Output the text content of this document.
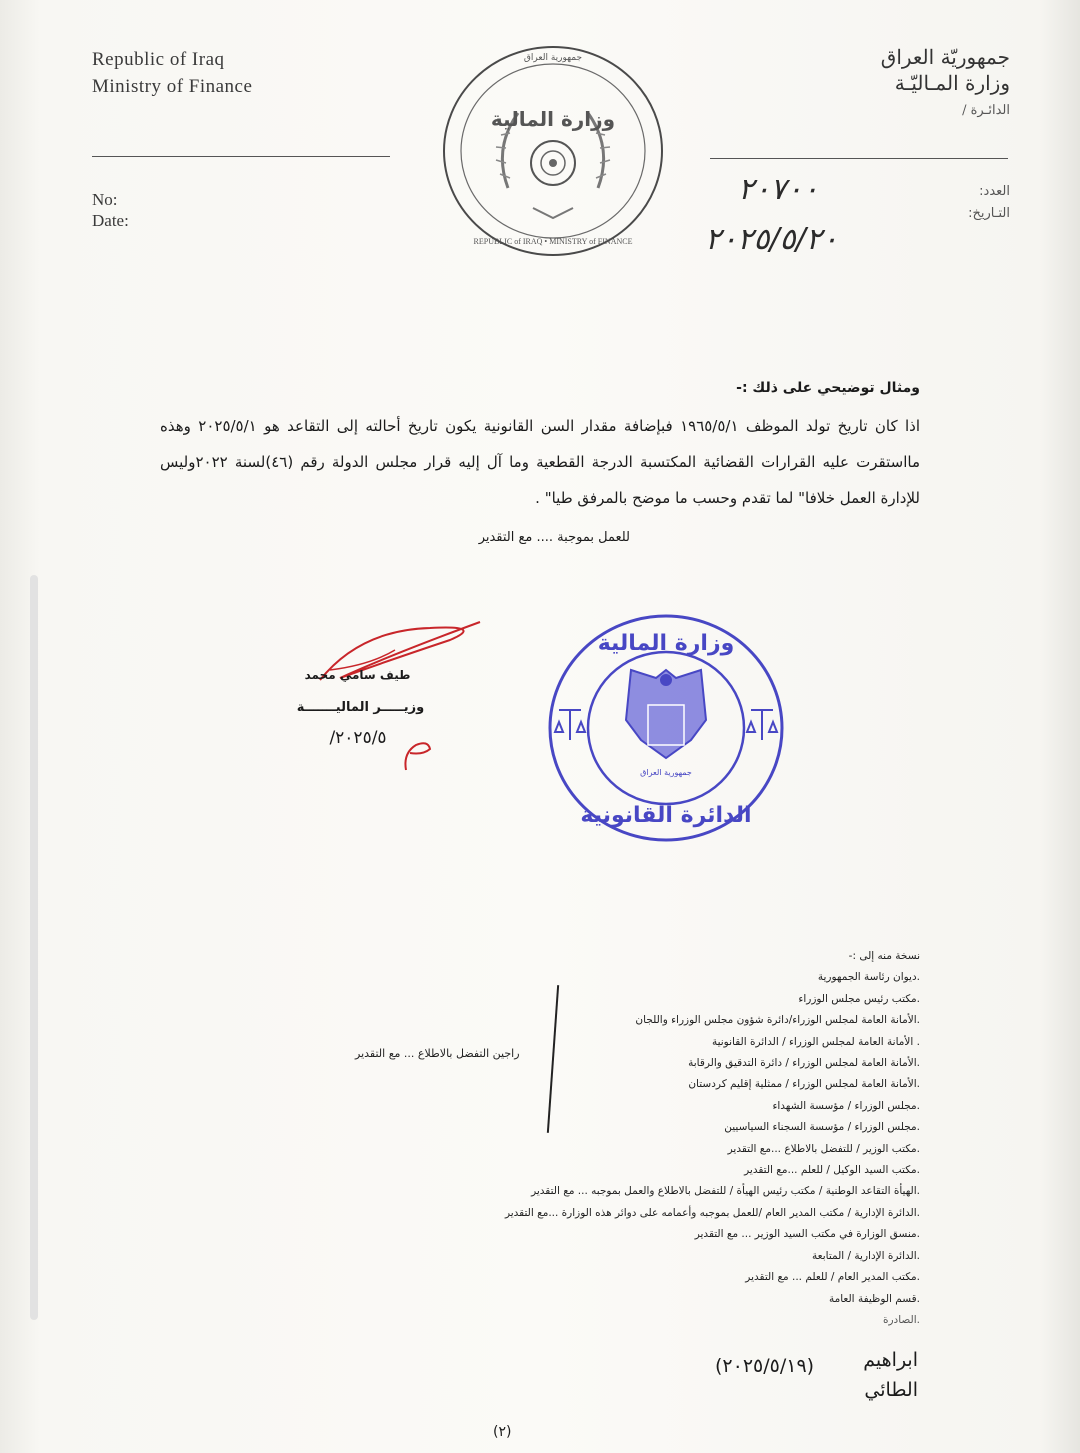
Republic of Iraq
Ministry of Finance
No:
Date:
جمهوريّة العراق
وزارة المـاليّـة
الدائـرة /
العدد:
التـاريخ:
٢٠٧٠٠
٢٠٢٥/٥/٢٠
REPUBLIC of IRAQ • MINISTRY of FINANCE
جمهورية العراق
وزارة المالية
ومثال توضيحي على ذلك :-
اذا كان تاريخ تولد الموظف ١٩٦٥/٥/١ فبإضافة مقدار السن القانونية يكون تاريخ أحالته إلى التقاعد هو ٢٠٢٥/٥/١ وهذه مااستقرت عليه القرارات القضائية المكتسبة الدرجة القطعية وما آل إليه قرار مجلس الدولة رقم (٤٦)لسنة ٢٠٢٢وليس للإدارة العمل خلافا" لما تقدم وحسب ما موضح بالمرفق طيا" .
للعمل بموجبة .... مع التقدير
طيف سامي محمد
وزيـــــر الماليـــــــة
٢٠٢٥/٥/
وزارة المالية
الدائرة القانونية
جمهورية العراق
نسخة منه إلى :-
.ديوان رئاسة الجمهورية
.مكتب رئيس مجلس الوزراء
.الأمانة العامة لمجلس الوزراء/دائرة شؤون مجلس الوزراء واللجان
. الأمانة العامة لمجلس الوزراء / الدائرة القانونية
.الأمانة العامة لمجلس الوزراء / دائرة التدقيق والرقابة
.الأمانة العامة لمجلس الوزراء / ممثلية إقليم كردستان
.مجلس الوزراء / مؤسسة الشهداء
.مجلس الوزراء / مؤسسة السجناء السياسيين
.مكتب الوزير / للتفضل بالاطلاع ...مع التقدير
.مكتب السيد الوكيل / للعلم ...مع التقدير
.الهيأة التقاعد الوطنية / مكتب رئيس الهيأة / للتفضل بالاطلاع والعمل بموجبه ... مع التقدير
.الدائرة الإدارية / مكتب المدير العام /للعمل بموجبه وأعمامه على دوائر هذه الوزارة ...مع التقدير
.منسق الوزارة في مكتب السيد الوزير ... مع التقدير
.الدائرة الإدارية / المتابعة
.مكتب المدير العام / للعلم ... مع التقدير
.قسم الوظيفة العامة
.الصادرة
راجين التفضل بالاطلاع ... مع التقدير
ابراهيم
الطائي
(٢٠٢٥/٥/١٩)
(٢)
